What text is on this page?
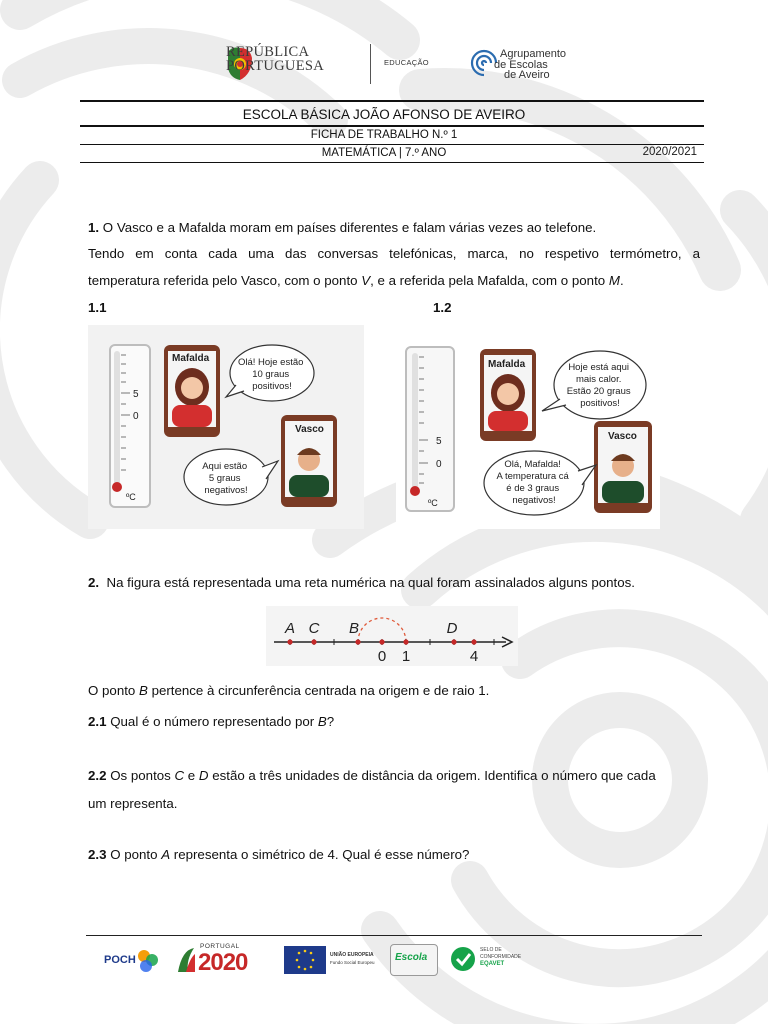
REPÚBLICA
PORTUGUESA	EDUCAÇÃO
Agrupamento
de Escolas
de Aveiro
ESCOLA BÁSICA JOÃO AFONSO DE AVEIRO
FICHA DE TRABALHO N.º 1
MATEMÁTICA | 7.º ANO	2020/2021
1. O Vasco e a Mafalda moram em países diferentes e falam várias vezes ao telefone.
Tendo em conta cada uma das conversas telefónicas, marca, no respetivo termómetro, a
temperatura referida pelo Vasco, com o ponto V, e a referida pela Mafalda, com o ponto M.
1.1	1.2
5
0
ºC
Mafalda	Olá! Hoje estão 10 graus positivos!
Vasco
Aqui estão 5 graus negativos!
5
0
ºC
Mafalda	Hoje está aqui mais calor. Estão 20 graus positivos!
Vasco
Olá, Mafalda! A temperatura cá é de 3 graus negativos!
2. Na figura está representada uma reta numérica na qual foram assinalados alguns pontos.
A C B	D
0 1	4
O ponto B pertence à circunferência centrada na origem e de raio 1.
2.1 Qual é o número representado por B?
2.2 Os pontos C e D estão a três unidades de distância da origem. Identifica o número que cada
um representa.
2.3 O ponto A representa o simétrico de 4. Qual é esse número?
POCH
PORTUGAL
2020	UNIÃO EUROPEIA
Fundo Social Europeu Escola
SELO DE
CONFORMIDADE
EQAVET
